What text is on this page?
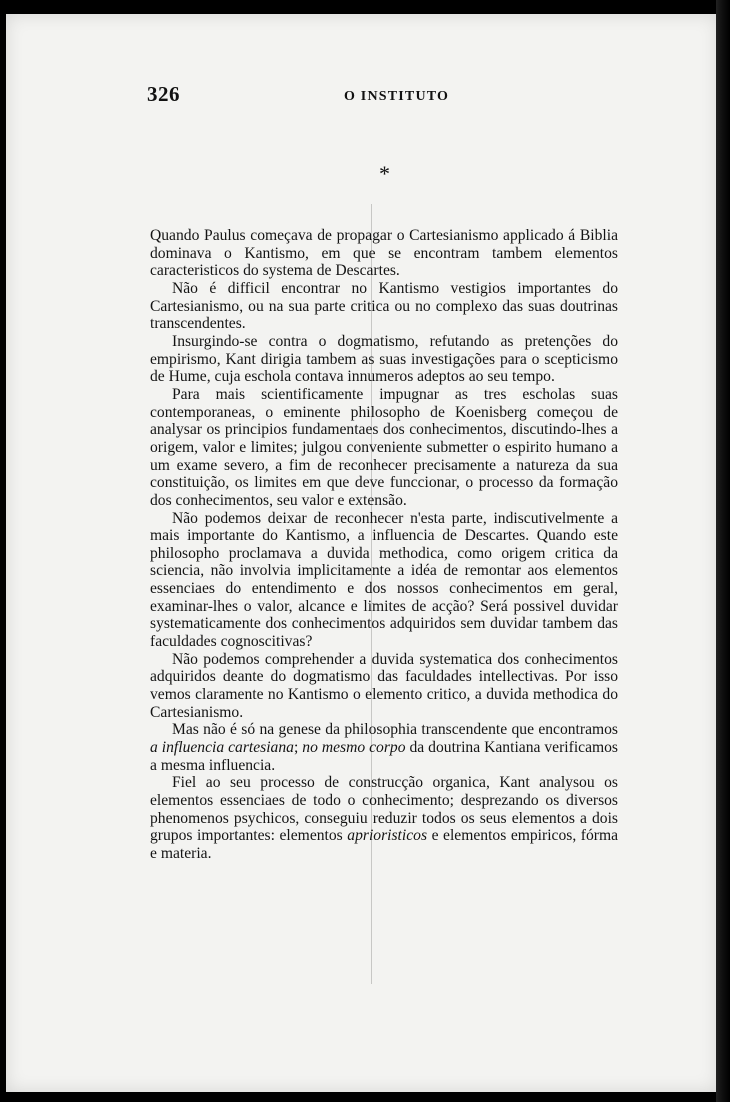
326	O INSTITUTO
*

Quando Paulus começava de propagar o Cartesianismo applicado á Biblia dominava o Kantismo, em que se encontram tambem elementos caracteristicos do systema de Descartes.

Não é difficil encontrar no Kantismo vestigios importantes do Cartesianismo, ou na sua parte critica ou no complexo das suas doutrinas transcendentes.

Insurgindo-se contra o dogmatismo, refutando as pretenções do empirismo, Kant dirigia tambem as suas investigações para o scepticismo de Hume, cuja eschola contava innumeros adeptos ao seu tempo.

Para mais scientificamente impugnar as tres escholas suas contemporaneas, o eminente philosopho de Koenisberg começou de analysar os principios fundamentaes dos conhecimentos, discutindo-lhes a origem, valor e limites; julgou conveniente submetter o espirito humano a um exame severo, a fim de reconhecer precisamente a natureza da sua constituição, os limites em que deve funccionar, o processo da formação dos conhecimentos, seu valor e extensão.

Não podemos deixar de reconhecer n'esta parte, indiscutivelmente a mais importante do Kantismo, a influencia de Descartes. Quando este philosopho proclamava a duvida methodica, como origem critica da sciencia, não involvia implicitamente a idéa de remontar aos elementos essenciaes do entendimento e dos nossos conhecimentos em geral, examinar-lhes o valor, alcance e limites de acção? Será possivel duvidar systematicamente dos conhecimentos adquiridos sem duvidar tambem das faculdades cognoscitivas?

Não podemos comprehender a duvida systematica dos conhecimentos adquiridos deante do dogmatismo das faculdades intellectivas. Por isso vemos claramente no Kantismo o elemento critico, a duvida methodica do Cartesianismo.

Mas não é só na genese da philosophia transcendente que encontramos a influencia cartesiana; no mesmo corpo da doutrina Kantiana verificamos a mesma influencia.

Fiel ao seu processo de construcção organica, Kant analysou os elementos essenciaes de todo o conhecimento; desprezando os diversos phenomenos psychicos, conseguiu reduzir todos os seus elementos a dois grupos importantes: elementos aprioristicos e elementos empiricos, fórma e materia.
